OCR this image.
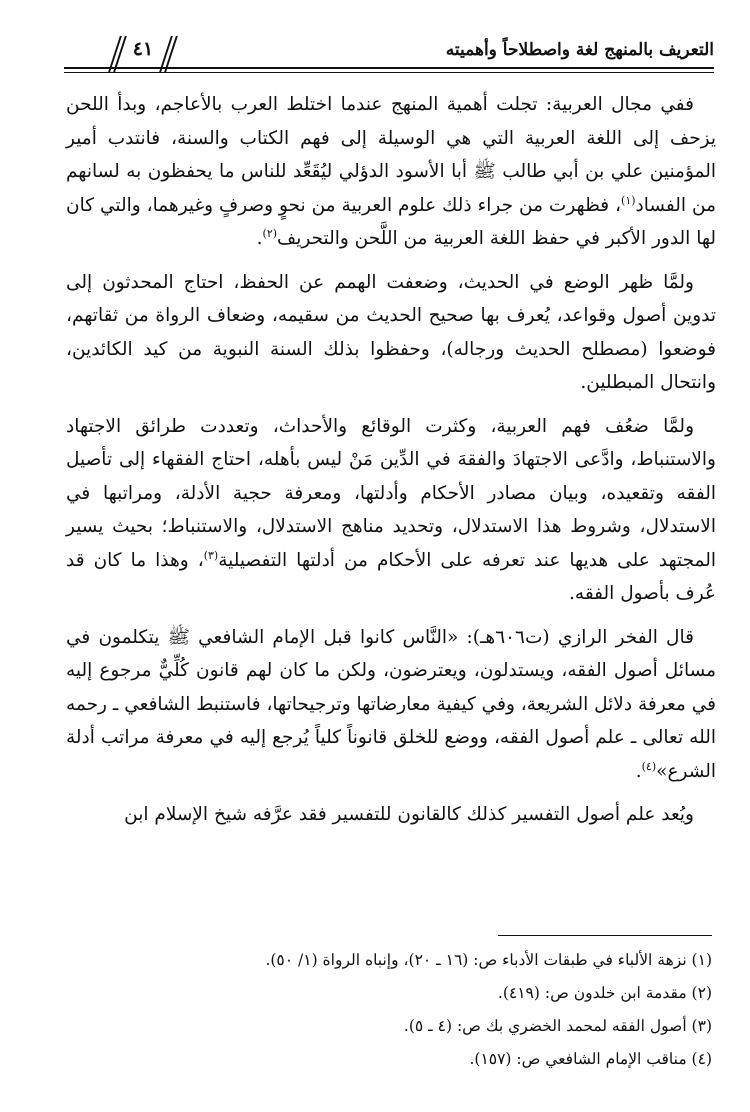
التعريف بالمنهج لغة واصطلاحاً وأهميته
٤١

ففي مجال العربية: تجلت أهمية المنهج عندما اختلط العرب بالأعاجم، وبدأ اللحن يزحف إلى اللغة العربية التي هي الوسيلة إلى فهم الكتاب والسنة، فانتدب أمير المؤمنين علي بن أبي طالب ﷺ أبا الأسود الدؤلي ليُقَعِّد للناس ما يحفظون به لسانهم من الفساد$^{(١)}$، فظهرت من جراء ذلك علوم العربية من نحوٍ وصرفٍ وغيرهما، والتي كان لها الدور الأكبر في حفظ اللغة العربية من اللَّحن والتحريف$^{(٢)}$.

ولمَّا ظهر الوضع في الحديث، وضعفت الهمم عن الحفظ، احتاج المحدثون إلى تدوين أصول وقواعد، يُعرف بها صحيح الحديث من سقيمه، وضعاف الرواة من ثقاتهم، فوضعوا (مصطلح الحديث ورجاله)، وحفظوا بذلك السنة النبوية من كيد الكائدين، وانتحال المبطلين.

ولمَّا ضعُف فهم العربية، وكثرت الوقائع والأحداث، وتعددت طرائق الاجتهاد والاستنباط، وادَّعى الاجتهادَ والفقهَ في الدِّين مَنْ ليس بأهله، احتاج الفقهاء إلى تأصيل الفقه وتقعيده، وبيان مصادر الأحكام وأدلتها، ومعرفة حجية الأدلة، ومراتبها في الاستدلال، وشروط هذا الاستدلال، وتحديد مناهج الاستدلال، والاستنباط؛ بحيث يسير المجتهد على هديها عند تعرفه على الأحكام من أدلتها التفصيلية$^{(٣)}$، وهذا ما كان قد عُرف بأصول الفقه.

قال الفخر الرازي (ت٦٠٦هـ): «النَّاس كانوا قبل الإمام الشافعي ﷺ يتكلمون في مسائل أصول الفقه، ويستدلون، ويعترضون، ولكن ما كان لهم قانون كُلِّيٌّ مرجوع إليه في معرفة دلائل الشريعة، وفي كيفية معارضاتها وترجيحاتها، فاستنبط الشافعي ـ رحمه الله تعالى ـ علم أصول الفقه، ووضع للخلق قانوناً كلياً يُرجع إليه في معرفة مراتب أدلة الشرع»$^{(٤)}$.

ويُعد علم أصول التفسير كذلك كالقانون للتفسير فقد عرَّفه شيخ الإسلام ابن

(١) نزهة الألباء في طبقات الأدباء ص: (١٦ ـ ٢٠)، وإنباه الرواة (١/ ٥٠).
(٢) مقدمة ابن خلدون ص: (٤١٩).
(٣) أصول الفقه لمحمد الخضري بك ص: (٤ ـ ٥).
(٤) مناقب الإمام الشافعي ص: (١٥٧).
